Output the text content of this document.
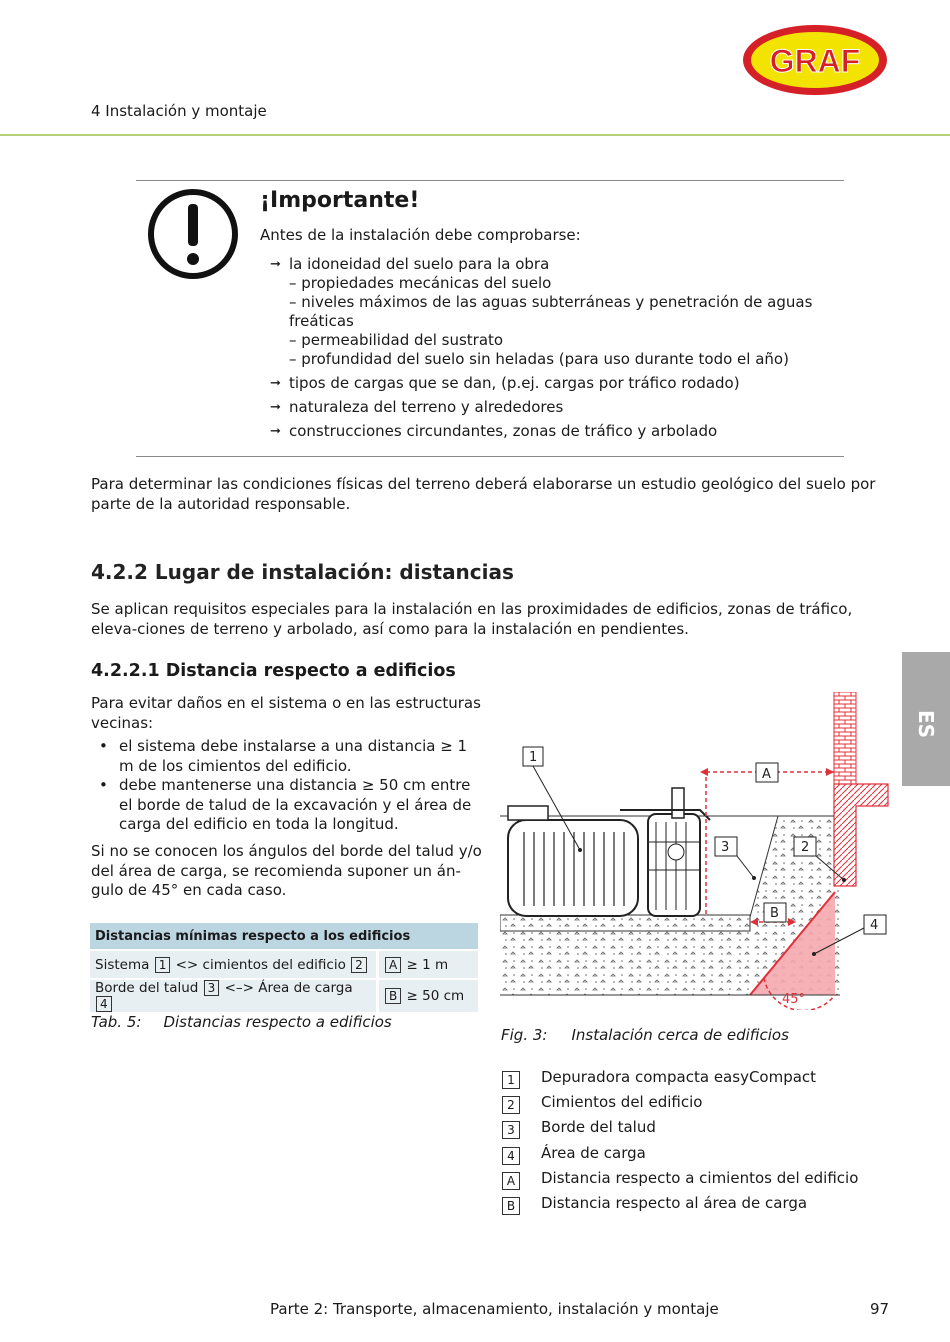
4 Instalación y montaje
GRAF
¡Importante!
Antes de la instalación debe comprobarse:
➞ la idoneidad del suelo para la obra
– propiedades mecánicas del suelo
– niveles máximos de las aguas subterráneas y penetración de aguas freáticas
– permeabilidad del sustrato
– profundidad del suelo sin heladas (para uso durante todo el año)
➞ tipos de cargas que se dan, (p.ej. cargas por tráfico rodado)
➞ naturaleza del terreno y alrededores
➞ construcciones circundantes, zonas de tráfico y arbolado
Para determinar las condiciones físicas del terreno deberá elaborarse un estudio geológico del suelo por parte de la autoridad responsable.
4.2.2 Lugar de instalación: distancias
Se aplican requisitos especiales para la instalación en las proximidades de edificios, zonas de tráfico, eleva-ciones de terreno y arbolado, así como para la instalación en pendientes.
4.2.2.1 Distancia respecto a edificios
Para evitar daños en el sistema o en las estructuras vecinas:
• el sistema debe instalarse a una distancia ≥ 1 m de los cimientos del edificio.
• debe mantenerse una distancia ≥ 50 cm entre el borde de talud de la excavación y el área de carga del edificio en toda la longitud.
Si no se conocen los ángulos del borde del talud y/o del área de carga, se recomienda suponer un án-gulo de 45° en cada caso.
Distancias mínimas respecto a los edificios	
Sistema 1 <> cimientos del edificio 2	A ≥ 1 m
Borde del talud 3 <–> Área de carga 4	B ≥ 50 cm
Tab. 5: Distancias respecto a edificios
45°
1
A
3	2
B
4
Fig. 3: Instalación cerca de edificios
1	Depuradora compacta easyCompact
2	Cimientos del edificio
3	Borde del talud
4	Área de carga
A	Distancia respecto a cimientos del edificio
B	Distancia respecto al área de carga
ES
Parte 2: Transporte, almacenamiento, instalación y montaje	97
